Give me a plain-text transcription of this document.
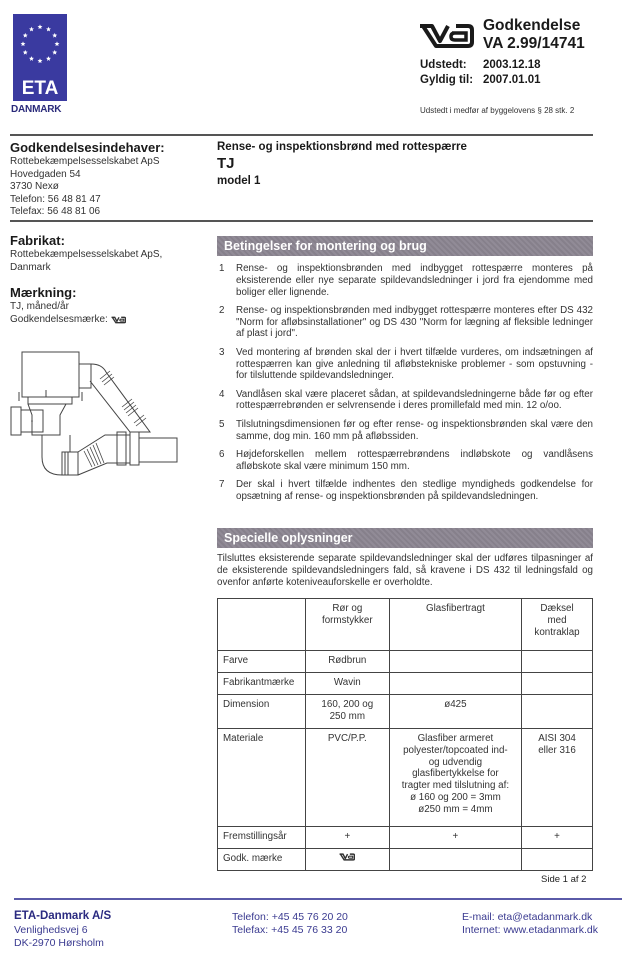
ETA
DANMARK
Godkendelse
VA 2.99/14741
Udstedt: 2003.12.18
Gyldig til: 2007.01.01
Udstedt i medfør af byggelovens § 28 stk. 2
Godkendelsesindehaver:
Rottebekæmpelsesselskabet ApS
Hovedgaden 54
3730 Nexø
Telefon: 56 48 81 47
Telefax: 56 48 81 06
Rense- og inspektionsbrønd med rottespærre
TJ
model 1
Fabrikat:
Rottebekæmpelsesselskabet ApS,
Danmark
Mærkning:
TJ, måned/år
Godkendelsesmærke:
Betingelser for montering og brug
1	Rense- og inspektionsbrønden med indbygget rottespærre monteres på eksisterende eller nye separate spildevandsledninger i jord fra ejendomme med boliger eller lignende.
2	Rense- og inspektionsbrønden med indbygget rottespærre monteres efter DS 432 "Norm for afløbsinstallationer" og DS 430 "Norm for lægning af fleksible ledninger af plast i jord".
3	Ved montering af brønden skal der i hvert tilfælde vurderes, om indsætningen af rottespærren kan give anledning til afløbstekniske problemer - som opstuvning - for tilsluttende spildevandsledninger.
4	Vandlåsen skal være placeret sådan, at spildevandsledningerne både før og efter rottespærrebrønden er selvrensende i deres promillefald med min. 12 o/oo.
5	Tilslutningsdimensionen før og efter rense- og inspektionsbrønden skal være den samme, dog min. 160 mm på afløbssiden.
6	Højdeforskellen mellem rottespærrebrøndens indløbskote og vandlåsens afløbskote skal være minimum 150 mm.
7	Der skal i hvert tilfælde indhentes den stedlige myndigheds godkendelse for opsætning af rense- og inspektionsbrønden på spildevandsledningen.
Specielle oplysninger
Tilsluttes eksisterende separate spildevandsledninger skal der udføres tilpasninger af de eksisterende spildevandsledningers fald, så kravene i DS 432 til ledningsfald og ovenfor anførte koteniveauforskelle er overholdte.
	Rør og formstykker	Glasfibertragt	Dæksel med kontraklap
Farve	Rødbrun		
Fabrikantmærke	Wavin		
Dimension	160, 200 og 250 mm	ø425	
Materiale	PVC/P.P.	Glasfiber armeret polyester/topcoated ind- og udvendig glasfibertykkelse for tragter med tilslutning af: ø 160 og 200 = 3mm ø250 mm = 4mm	AISI 304 eller 316
Fremstillingsår	+	+	+
Godk. mærke			
Side 1 af 2
ETA-Danmark A/S
Venlighedsvej 6
DK-2970 Hørsholm
Telefon: +45 45 76 20 20
Telefax: +45 45 76 33 20
E-mail: eta@etadanmark.dk
Internet: www.etadanmark.dk
